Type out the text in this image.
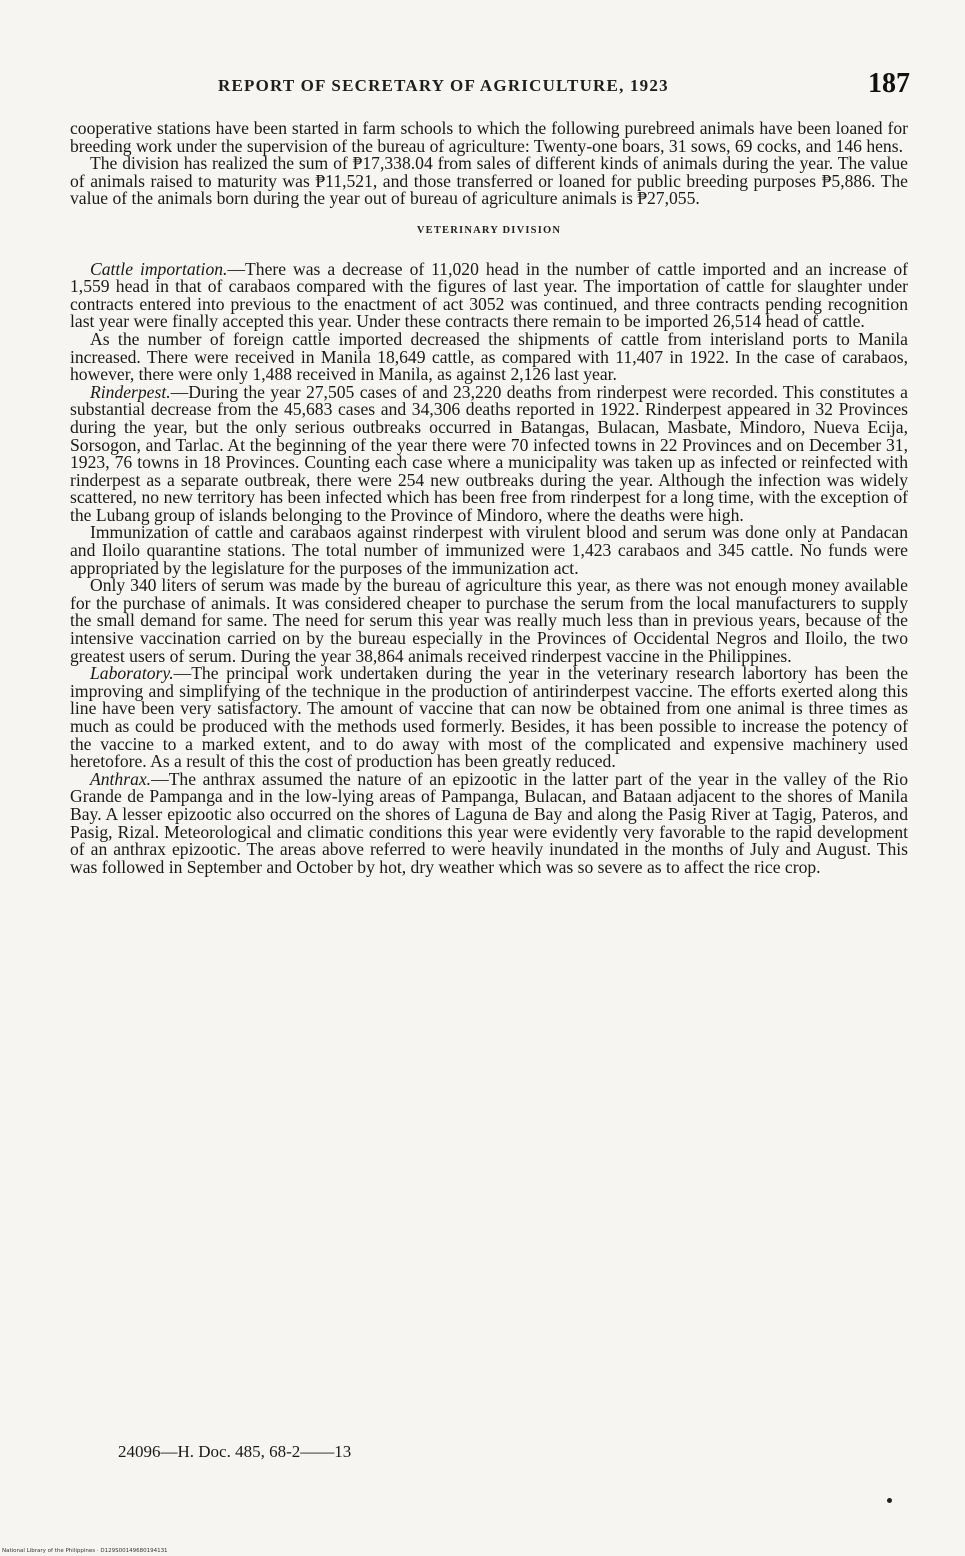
REPORT OF SECRETARY OF AGRICULTURE, 1923	187

cooperative stations have been started in farm schools to which the following purebreed animals have been loaned for breeding work under the supervision of the bureau of agriculture: Twenty-one boars, 31 sows, 69 cocks, and 146 hens.

The division has realized the sum of ₱17,338.04 from sales of different kinds of animals during the year. The value of animals raised to maturity was ₱11,521, and those transferred or loaned for public breeding purposes ₱5,886. The value of the animals born during the year out of bureau of agriculture animals is ₱27,055.

VETERINARY DIVISION

Cattle importation.—There was a decrease of 11,020 head in the number of cattle imported and an increase of 1,559 head in that of carabaos compared with the figures of last year. The importation of cattle for slaughter under contracts entered into previous to the enactment of act 3052 was continued, and three contracts pending recognition last year were finally accepted this year. Under these contracts there remain to be imported 26,514 head of cattle.

As the number of foreign cattle imported decreased the shipments of cattle from interisland ports to Manila increased. There were received in Manila 18,649 cattle, as compared with 11,407 in 1922. In the case of carabaos, however, there were only 1,488 received in Manila, as against 2,126 last year.

Rinderpest.—During the year 27,505 cases of and 23,220 deaths from rinderpest were recorded. This constitutes a substantial decrease from the 45,683 cases and 34,306 deaths reported in 1922. Rinderpest appeared in 32 Provinces during the year, but the only serious outbreaks occurred in Batangas, Bulacan, Masbate, Mindoro, Nueva Ecija, Sorsogon, and Tarlac. At the beginning of the year there were 70 infected towns in 22 Provinces and on December 31, 1923, 76 towns in 18 Provinces. Counting each case where a municipality was taken up as infected or reinfected with rinderpest as a separate outbreak, there were 254 new outbreaks during the year. Although the infection was widely scattered, no new territory has been infected which has been free from rinderpest for a long time, with the exception of the Lubang group of islands belonging to the Province of Mindoro, where the deaths were high.

Immunization of cattle and carabaos against rinderpest with virulent blood and serum was done only at Pandacan and Iloilo quarantine stations. The total number of immunized were 1,423 carabaos and 345 cattle. No funds were appropriated by the legislature for the purposes of the immunization act.

Only 340 liters of serum was made by the bureau of agriculture this year, as there was not enough money available for the purchase of animals. It was considered cheaper to purchase the serum from the local manufacturers to supply the small demand for same. The need for serum this year was really much less than in previous years, because of the intensive vaccination carried on by the bureau especially in the Provinces of Occidental Negros and Iloilo, the two greatest users of serum. During the year 38,864 animals received rinderpest vaccine in the Philippines.

Laboratory.—The principal work undertaken during the year in the veterinary research labortory has been the improving and simplifying of the technique in the production of antirinderpest vaccine. The efforts exerted along this line have been very satisfactory. The amount of vaccine that can now be obtained from one animal is three times as much as could be produced with the methods used formerly. Besides, it has been possible to increase the potency of the vaccine to a marked extent, and to do away with most of the complicated and expensive machinery used heretofore. As a result of this the cost of production has been greatly reduced.

Anthrax.—The anthrax assumed the nature of an epizootic in the latter part of the year in the valley of the Rio Grande de Pampanga and in the low-lying areas of Pampanga, Bulacan, and Bataan adjacent to the shores of Manila Bay. A lesser epizootic also occurred on the shores of Laguna de Bay and along the Pasig River at Tagig, Pateros, and Pasig, Rizal. Meteorological and climatic conditions this year were evidently very favorable to the rapid development of an anthrax epizootic. The areas above referred to were heavily inundated in the months of July and August. This was followed in September and October by hot, dry weather which was so severe as to affect the rice crop.

24096—H. Doc. 485, 68-2——13
National Library of the Philippines · D129S00149680194131
